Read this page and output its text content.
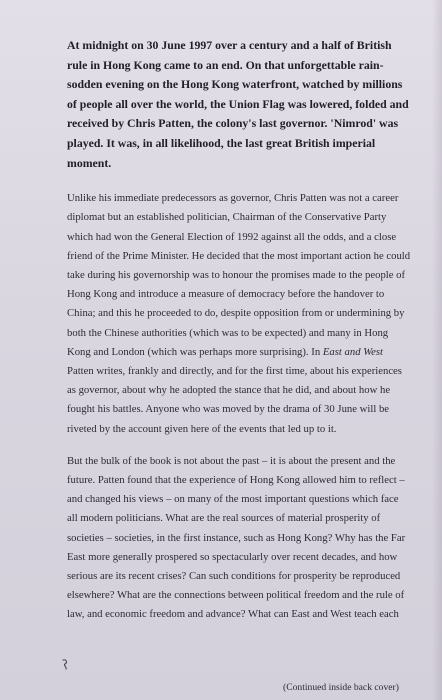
At midnight on 30 June 1997 over a century and a half of British rule in Hong Kong came to an end. On that unforgettable rain-sodden evening on the Hong Kong waterfront, watched by millions of people all over the world, the Union Flag was lowered, folded and received by Chris Patten, the colony's last governor. 'Nimrod' was played. It was, in all likelihood, the last great British imperial moment.

Unlike his immediate predecessors as governor, Chris Patten was not a career diplomat but an established politician, Chairman of the Conservative Party which had won the General Election of 1992 against all the odds, and a close friend of the Prime Minister. He decided that the most important action he could take during his governorship was to honour the promises made to the people of Hong Kong and introduce a measure of democracy before the handover to China; and this he proceeded to do, despite opposition from or undermining by both the Chinese authorities (which was to be expected) and many in Hong Kong and London (which was perhaps more surprising). In East and West Patten writes, frankly and directly, and for the first time, about his experiences as governor, about why he adopted the stance that he did, and about how he fought his battles. Anyone who was moved by the drama of 30 June will be riveted by the account given here of the events that led up to it.

But the bulk of the book is not about the past – it is about the present and the future. Patten found that the experience of Hong Kong allowed him to reflect – and changed his views – on many of the most important questions which face all modern politicians. What are the real sources of material prosperity of societies – societies, in the first instance, such as Hong Kong? Why has the Far East more generally prospered so spectacularly over recent decades, and how serious are its recent crises? Can such conditions for prosperity be reproduced elsewhere? What are the connections between political freedom and the rule of law, and economic freedom and advance? What can East and West teach each

(Continued inside back cover)
